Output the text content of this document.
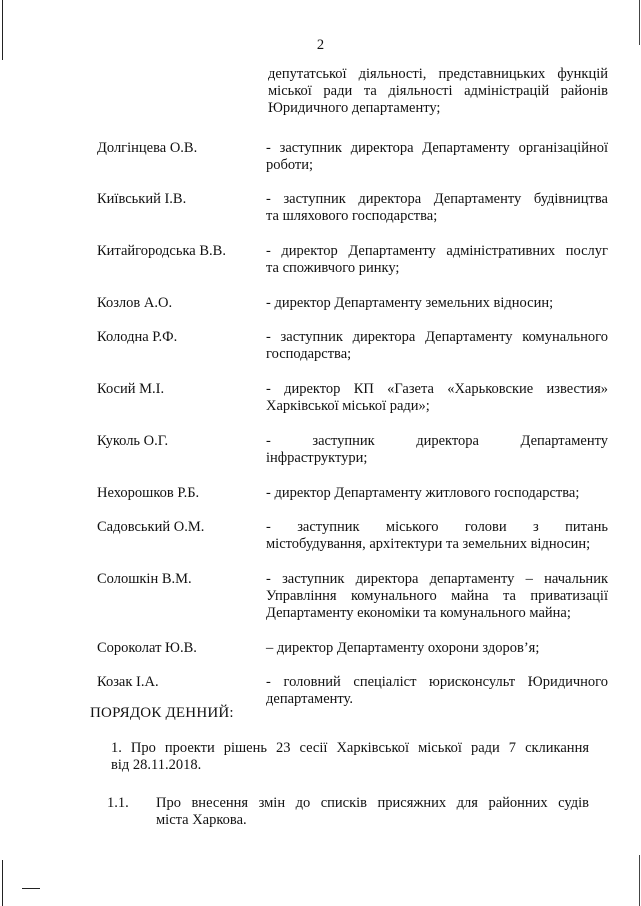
2
депутатської діяльності, представницьких функцій
міської ради та діяльності адміністрацій районів
Юридичного департаменту;
Долгінцева О.В.	- заступник директора Департаменту організаційної
роботи;
Київський І.В.	- заступник директора Департаменту будівництва
та шляхового господарства;
Китайгородська В.В.	- директор Департаменту адміністративних послуг
та споживчого ринку;
Козлов А.О.	- директор Департаменту земельних відносин;
Колодна Р.Ф.	- заступник директора Департаменту комунального
господарства;
Косий М.І.	- директор КП «Газета «Харьковские известия»
Харківської міської ради»;
Куколь О.Г.	- заступник директора Департаменту
інфраструктури;
Нехорошков Р.Б.	- директор Департаменту житлового господарства;
Садовський О.М.	- заступник міського голови з питань
містобудування, архітектури та земельних відносин;
Солошкін В.М.	- заступник директора департаменту – начальник
Управління комунального майна та приватизації
Департаменту економіки та комунального майна;
Сороколат Ю.В.	– директор Департаменту охорони здоров’я;
Козак І.А.	- головний спеціаліст юрисконсульт Юридичного
департаменту.
ПОРЯДОК ДЕННИЙ:
1. Про проекти рішень 23 сесії Харківської міської ради 7 скликання
від 28.11.2018.
1.1. Про внесення змін до списків присяжних для районних судів
міста Харкова.
